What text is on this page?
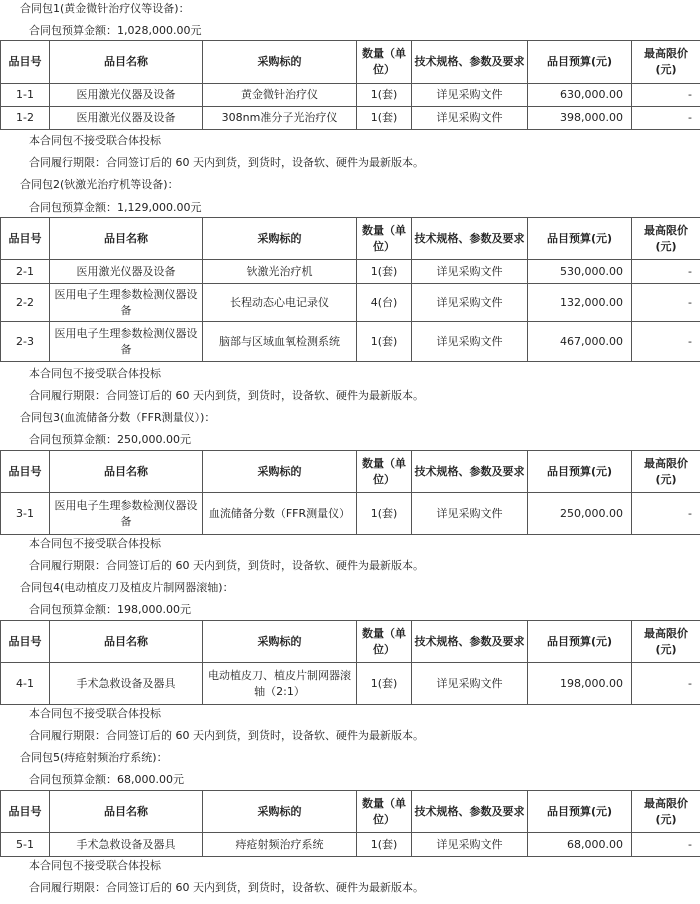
合同包1(黄金微针治疗仪等设备)：
合同包预算金额：1,028,000.00元
品目号	品目名称	采购标的	数量（单位）	技术规格、参数及要求	品目预算(元)	最高限价(元)
1-1	医用激光仪器及设备	黄金微针治疗仪	1(套)	详见采购文件	630,000.00	-
1-2	医用激光仪器及设备	308nm准分子光治疗仪	1(套)	详见采购文件	398,000.00	-
本合同包不接受联合体投标
合同履行期限：合同签订后的 60 天内到货，到货时，设备软、硬件为最新版本。
合同包2(钬激光治疗机等设备)：
合同包预算金额：1,129,000.00元
品目号	品目名称	采购标的	数量（单位）	技术规格、参数及要求	品目预算(元)	最高限价(元)
2-1	医用激光仪器及设备	钬激光治疗机	1(套)	详见采购文件	530,000.00	-
2-2	医用电子生理参数检测仪器设备	长程动态心电记录仪	4(台)	详见采购文件	132,000.00	-
2-3	医用电子生理参数检测仪器设备	脑部与区域血氧检测系统	1(套)	详见采购文件	467,000.00	-
本合同包不接受联合体投标
合同履行期限：合同签订后的 60 天内到货，到货时，设备软、硬件为最新版本。
合同包3(血流储备分数（FFR测量仪）)：
合同包预算金额：250,000.00元
品目号	品目名称	采购标的	数量（单位）	技术规格、参数及要求	品目预算(元)	最高限价(元)
3-1	医用电子生理参数检测仪器设备	血流储备分数（FFR测量仪）	1(套)	详见采购文件	250,000.00	-
本合同包不接受联合体投标
合同履行期限：合同签订后的 60 天内到货，到货时，设备软、硬件为最新版本。
合同包4(电动植皮刀及植皮片制网器滚轴)：
合同包预算金额：198,000.00元
品目号	品目名称	采购标的	数量（单位）	技术规格、参数及要求	品目预算(元)	最高限价(元)
4-1	手术急救设备及器具	电动植皮刀、植皮片制网器滚轴（2:1）	1(套)	详见采购文件	198,000.00	-
本合同包不接受联合体投标
合同履行期限：合同签订后的 60 天内到货，到货时，设备软、硬件为最新版本。
合同包5(痔疮射频治疗系统)：
合同包预算金额：68,000.00元
品目号	品目名称	采购标的	数量（单位）	技术规格、参数及要求	品目预算(元)	最高限价(元)
5-1	手术急救设备及器具	痔疮射频治疗系统	1(套)	详见采购文件	68,000.00	-
本合同包不接受联合体投标
合同履行期限：合同签订后的 60 天内到货，到货时，设备软、硬件为最新版本。
